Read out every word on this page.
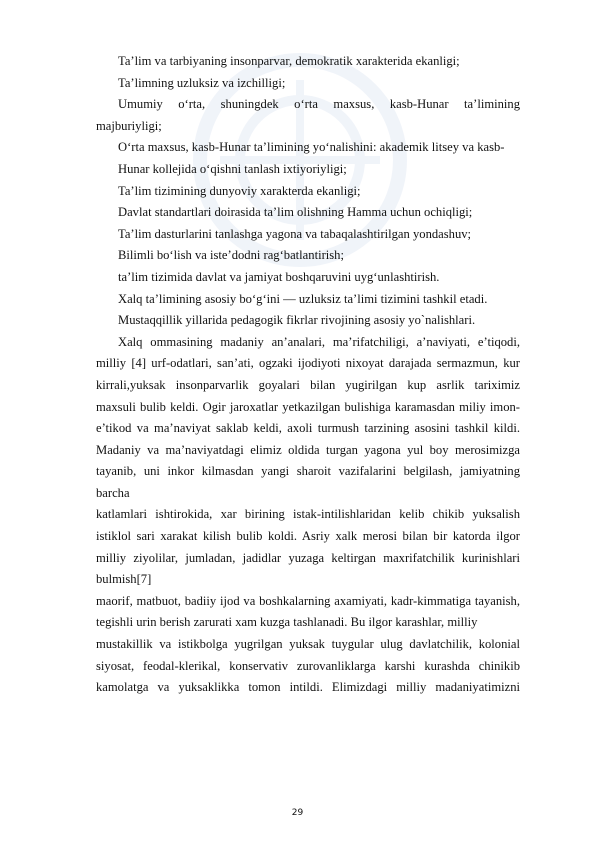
Ta’lim va tarbiyaning insonparvar, demokratik xarakterida ekanligi;
Ta’limning uzluksiz va izchilligi;
Umumiy o‘rta, shuningdek o‘rta maxsus, kasb-Hunar ta’limining
majburiyligi;
O‘rta maxsus, kasb-Hunar ta’limining yo‘nalishini: akademik litsey va kasb-
Hunar kollejida o‘qishni tanlash ixtiyoriyligi;
Ta’lim tizimining dunyoviy xarakterda ekanligi;
Davlat standartlari doirasida ta’lim olishning Hamma uchun ochiqligi;
Ta’lim dasturlarini tanlashga yagona va tabaqalashtirilgan yondashuv;
Bilimli bo‘lish va iste’dodni rag‘batlantirish;
ta’lim tizimida davlat va jamiyat boshqaruvini uyg‘unlashtirish.
Xalq ta’limining asosiy bo‘g‘ini — uzluksiz ta’limi tizimini tashkil etadi.
Mustaqqillik yillarida pedagogik fikrlar rivojining asosiy yo`nalishlari.
Xalq ommasining madaniy an’analari, ma’rifatchiligi, a’naviyati, e’tiqodi,
milliy [4] urf-odatlari, san’ati, ogzaki ijodiyoti nixoyat darajada sermazmun, kur
kirrali,yuksak insonparvarlik goyalari bilan yugirilgan kup asrlik tariximiz
maxsuli bulib keldi. Ogir jaroxatlar yetkazilgan bulishiga karamasdan miliy imon-
e’tikod va ma’naviyat saklab keldi, axoli turmush tarzining asosini tashkil kildi.
Madaniy va ma’naviyatdagi elimiz oldida turgan yagona yul boy merosimizga
tayanib, uni inkor kilmasdan yangi sharoit vazifalarini belgilash, jamiyatning
barcha
katlamlari ishtirokida, xar birining istak-intilishlaridan kelib chikib yuksalish
istiklol sari xarakat kilish bulib koldi. Asriy xalk merosi bilan bir katorda ilgor
milliy ziyolilar, jumladan, jadidlar yuzaga keltirgan maxrifatchilik kurinishlari
bulmish[7]
maorif, matbuot, badiiy ijod va boshkalarning axamiyati, kadr-kimmatiga tayanish,
tegishli urin berish zarurati xam kuzga tashlanadi. Bu ilgor karashlar, milliy
mustakillik va istikbolga yugrilgan yuksak tuygular ulug davlatchilik, kolonial
siyosat, feodal-klerikal, konservativ zurovanliklarga karshi kurashda chinikib
kamolatga va yuksaklikka tomon intildi. Elimizdagi milliy madaniyatimizni
29
